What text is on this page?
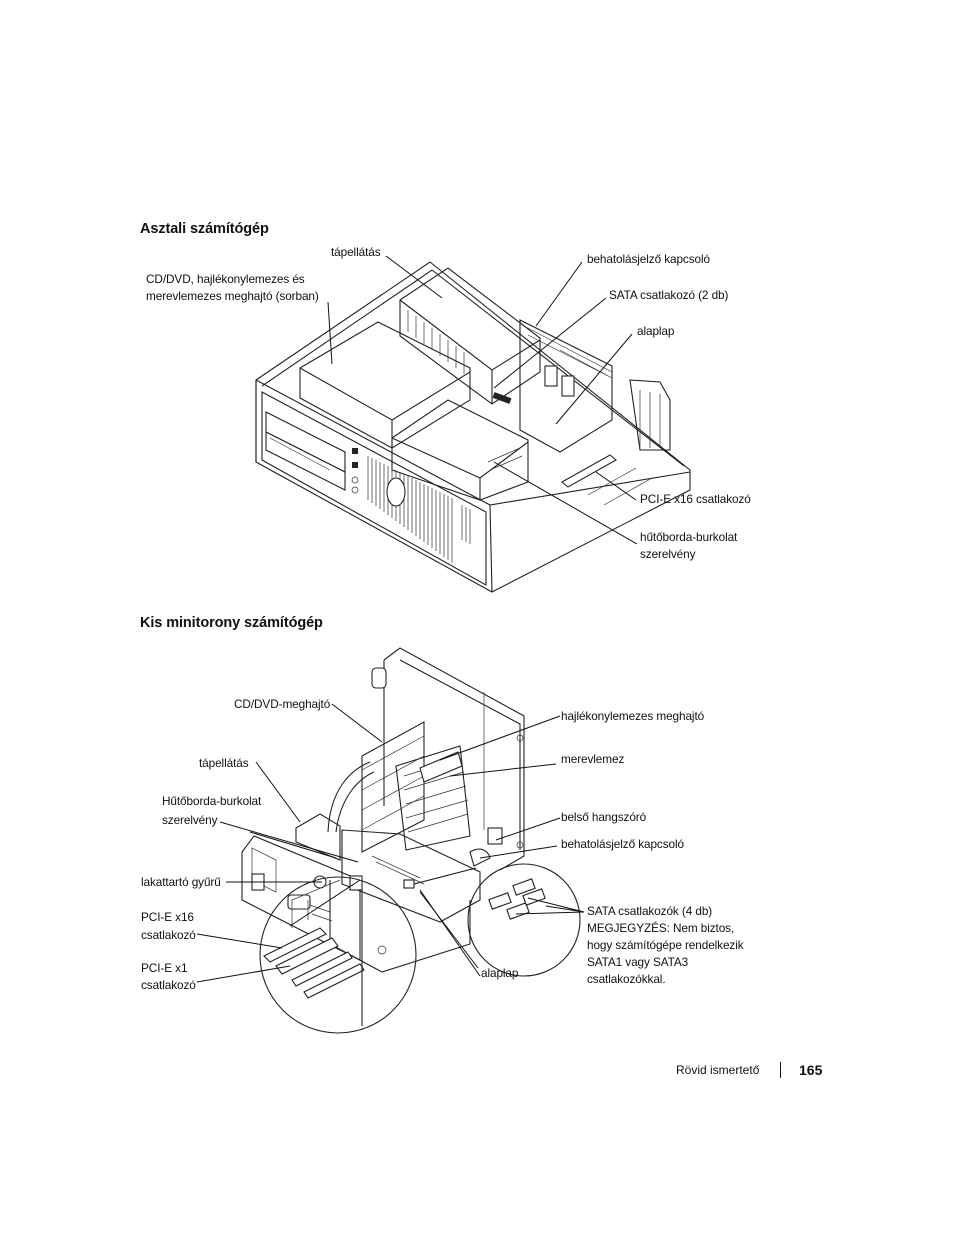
Asztali számítógép
tápellátás
CD/DVD, hajlékonylemezes és
merevlemezes meghajtó (sorban)
behatolásjelző kapcsoló
SATA csatlakozó (2 db)
alaplap
PCI-E x16 csatlakozó
hűtőborda-burkolat
szerelvény
Kis minitorony számítógép
CD/DVD-meghajtó
tápellátás
Hűtőborda-burkolat
szerelvény
lakattartó gyűrű
PCI-E x16
csatlakozó
PCI-E x1
csatlakozó
hajlékonylemezes meghajtó
merevlemez
belső hangszóró
behatolásjelző kapcsoló
SATA csatlakozók (4 db)
MEGJEGYZÉS: Nem biztos,
hogy számítógépe rendelkezik
SATA1 vagy SATA3
csatlakozókkal.
alaplap
Rövid ismertető	165
